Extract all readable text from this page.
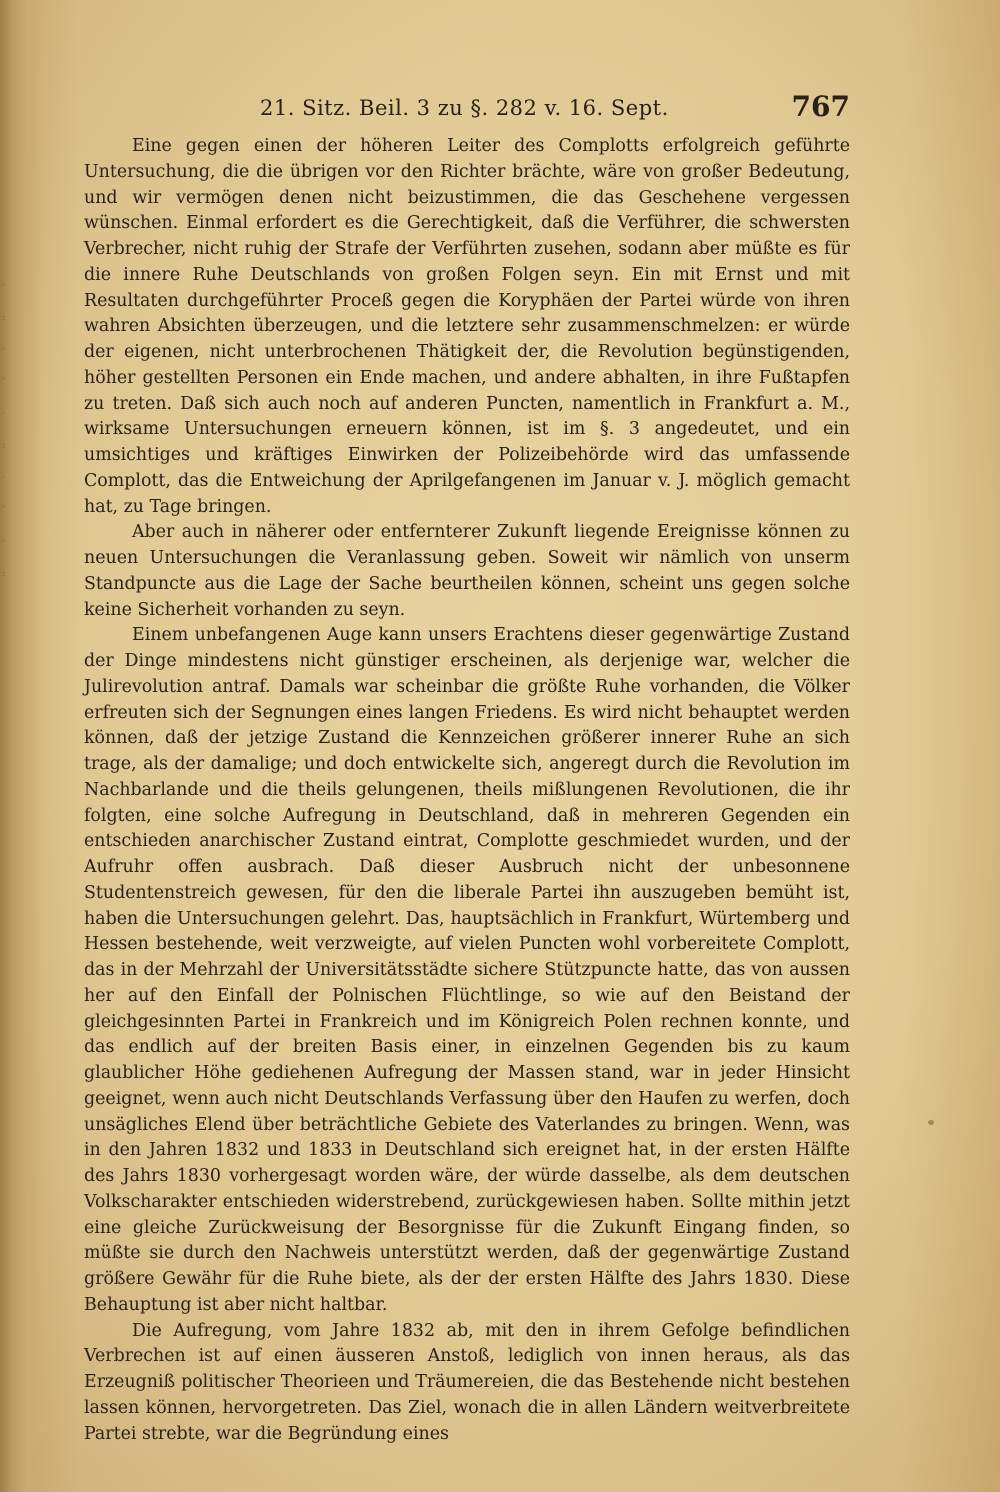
·
:
·
'
·
:
·
'
·
:
21. Sitz. Beil. 3 zu §. 282 v. 16. Sept.	767

Eine gegen einen der höheren Leiter des Complotts erfolgreich geführte Untersuchung, die die übrigen vor den Richter brächte, wäre von großer Bedeutung, und wir vermögen denen nicht beizustimmen, die das Geschehene vergessen wünschen. Einmal erfordert es die Gerechtigkeit, daß die Verführer, die schwersten Verbrecher, nicht ruhig der Strafe der Verführten zusehen, sodann aber müßte es für die innere Ruhe Deutschlands von großen Folgen seyn. Ein mit Ernst und mit Resultaten durchgeführter Proceß gegen die Koryphäen der Partei würde von ihren wahren Absichten überzeugen, und die letztere sehr zusammenschmelzen: er würde der eigenen, nicht unterbrochenen Thätigkeit der, die Revolution begünstigenden, höher gestellten Personen ein Ende machen, und andere abhalten, in ihre Fußtapfen zu treten. Daß sich auch noch auf anderen Puncten, namentlich in Frankfurt a. M., wirksame Untersuchungen erneuern können, ist im §. 3 angedeutet, und ein umsichtiges und kräftiges Einwirken der Polizeibehörde wird das umfassende Complott, das die Entweichung der Aprilgefangenen im Januar v. J. möglich gemacht hat, zu Tage bringen.

Aber auch in näherer oder entfernterer Zukunft liegende Ereignisse können zu neuen Untersuchungen die Veranlassung geben. Soweit wir nämlich von unserm Standpuncte aus die Lage der Sache beurtheilen können, scheint uns gegen solche keine Sicherheit vorhanden zu seyn.

Einem unbefangenen Auge kann unsers Erachtens dieser gegenwärtige Zustand der Dinge mindestens nicht günstiger erscheinen, als derjenige war, welcher die Julirevolution antraf. Damals war scheinbar die größte Ruhe vorhanden, die Völker erfreuten sich der Segnungen eines langen Friedens. Es wird nicht behauptet werden können, daß der jetzige Zustand die Kennzeichen größerer innerer Ruhe an sich trage, als der damalige; und doch entwickelte sich, angeregt durch die Revolution im Nachbarlande und die theils gelungenen, theils mißlungenen Revolutionen, die ihr folgten, eine solche Aufregung in Deutschland, daß in mehreren Gegenden ein entschieden anarchischer Zustand eintrat, Complotte geschmiedet wurden, und der Aufruhr offen ausbrach. Daß dieser Ausbruch nicht der unbesonnene Studentenstreich gewesen, für den die liberale Partei ihn auszugeben bemüht ist, haben die Untersuchungen gelehrt. Das, hauptsächlich in Frankfurt, Würtemberg und Hessen bestehende, weit verzweigte, auf vielen Puncten wohl vorbereitete Complott, das in der Mehrzahl der Universitätsstädte sichere Stützpuncte hatte, das von aussen her auf den Einfall der Polnischen Flüchtlinge, so wie auf den Beistand der gleichgesinnten Partei in Frankreich und im Königreich Polen rechnen konnte, und das endlich auf der breiten Basis einer, in einzelnen Gegenden bis zu kaum glaublicher Höhe gediehenen Aufregung der Massen stand, war in jeder Hinsicht geeignet, wenn auch nicht Deutschlands Verfassung über den Haufen zu werfen, doch unsägliches Elend über beträchtliche Gebiete des Vaterlandes zu bringen. Wenn, was in den Jahren 1832 und 1833 in Deutschland sich ereignet hat, in der ersten Hälfte des Jahrs 1830 vorhergesagt worden wäre, der würde dasselbe, als dem deutschen Volkscharakter entschieden widerstrebend, zurückgewiesen haben. Sollte mithin jetzt eine gleiche Zurückweisung der Besorgnisse für die Zukunft Eingang finden, so müßte sie durch den Nachweis unterstützt werden, daß der gegenwärtige Zustand größere Gewähr für die Ruhe biete, als der der ersten Hälfte des Jahrs 1830. Diese Behauptung ist aber nicht haltbar.

Die Aufregung, vom Jahre 1832 ab, mit den in ihrem Gefolge befindlichen Verbrechen ist auf einen äusseren Anstoß, lediglich von innen heraus, als das Erzeugniß politischer Theorieen und Träumereien, die das Bestehende nicht bestehen lassen können, hervorgetreten. Das Ziel, wonach die in allen Ländern weitverbreitete Partei strebte, war die Begründung eines
